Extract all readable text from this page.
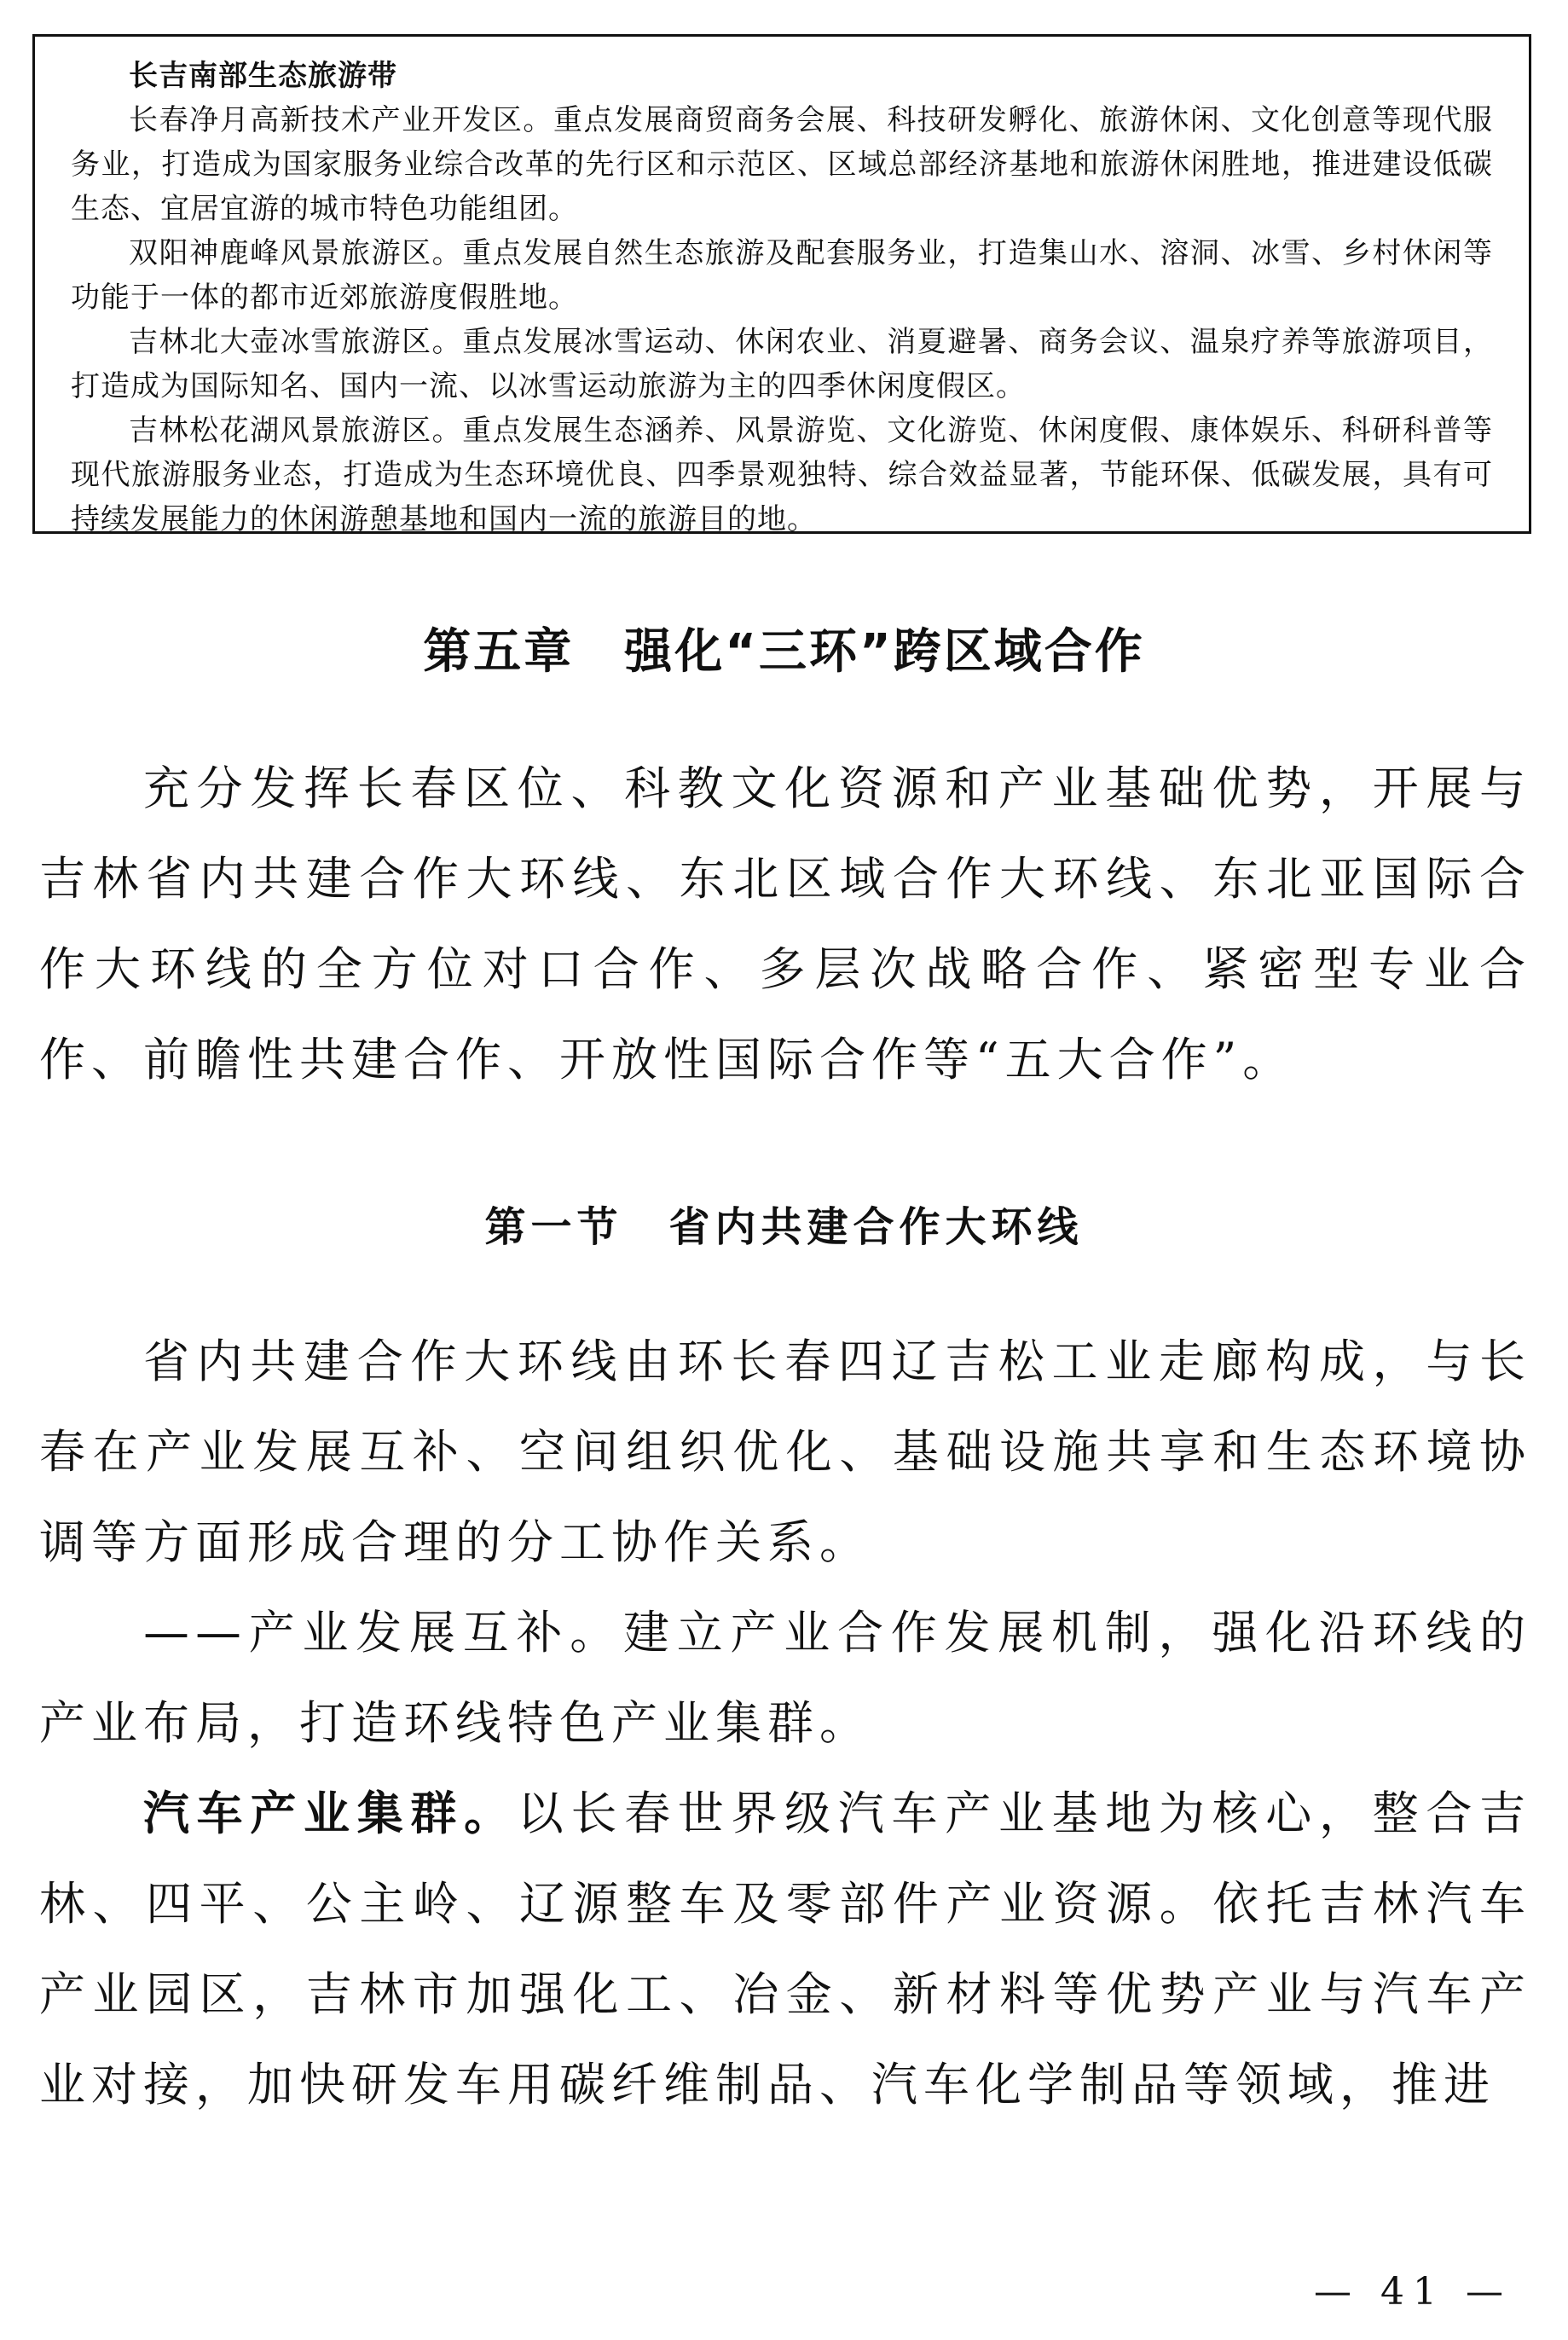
长吉南部生态旅游带

长春净月高新技术产业开发区。重点发展商贸商务会展、科技研发孵化、旅游休闲、文化创意等现代服务业，打造成为国家服务业综合改革的先行区和示范区、区域总部经济基地和旅游休闲胜地，推进建设低碳生态、宜居宜游的城市特色功能组团。

双阳神鹿峰风景旅游区。重点发展自然生态旅游及配套服务业，打造集山水、溶洞、冰雪、乡村休闲等功能于一体的都市近郊旅游度假胜地。

吉林北大壶冰雪旅游区。重点发展冰雪运动、休闲农业、消夏避暑、商务会议、温泉疗养等旅游项目，打造成为国际知名、国内一流、以冰雪运动旅游为主的四季休闲度假区。

吉林松花湖风景旅游区。重点发展生态涵养、风景游览、文化游览、休闲度假、康体娱乐、科研科普等现代旅游服务业态，打造成为生态环境优良、四季景观独特、综合效益显著，节能环保、低碳发展，具有可持续发展能力的休闲游憩基地和国内一流的旅游目的地。

第五章　强化“三环”跨区域合作

充分发挥长春区位、科教文化资源和产业基础优势，开展与吉林省内共建合作大环线、东北区域合作大环线、东北亚国际合作大环线的全方位对口合作、多层次战略合作、紧密型专业合作、前瞻性共建合作、开放性国际合作等“五大合作”。

第一节　省内共建合作大环线

省内共建合作大环线由环长春四辽吉松工业走廊构成，与长春在产业发展互补、空间组织优化、基础设施共享和生态环境协调等方面形成合理的分工协作关系。

——产业发展互补。建立产业合作发展机制，强化沿环线的产业布局，打造环线特色产业集群。

汽车产业集群。以长春世界级汽车产业基地为核心，整合吉林、四平、公主岭、辽源整车及零部件产业资源。依托吉林汽车产业园区，吉林市加强化工、冶金、新材料等优势产业与汽车产业对接，加快研发车用碳纤维制品、汽车化学制品等领域，推进

— 41 —
